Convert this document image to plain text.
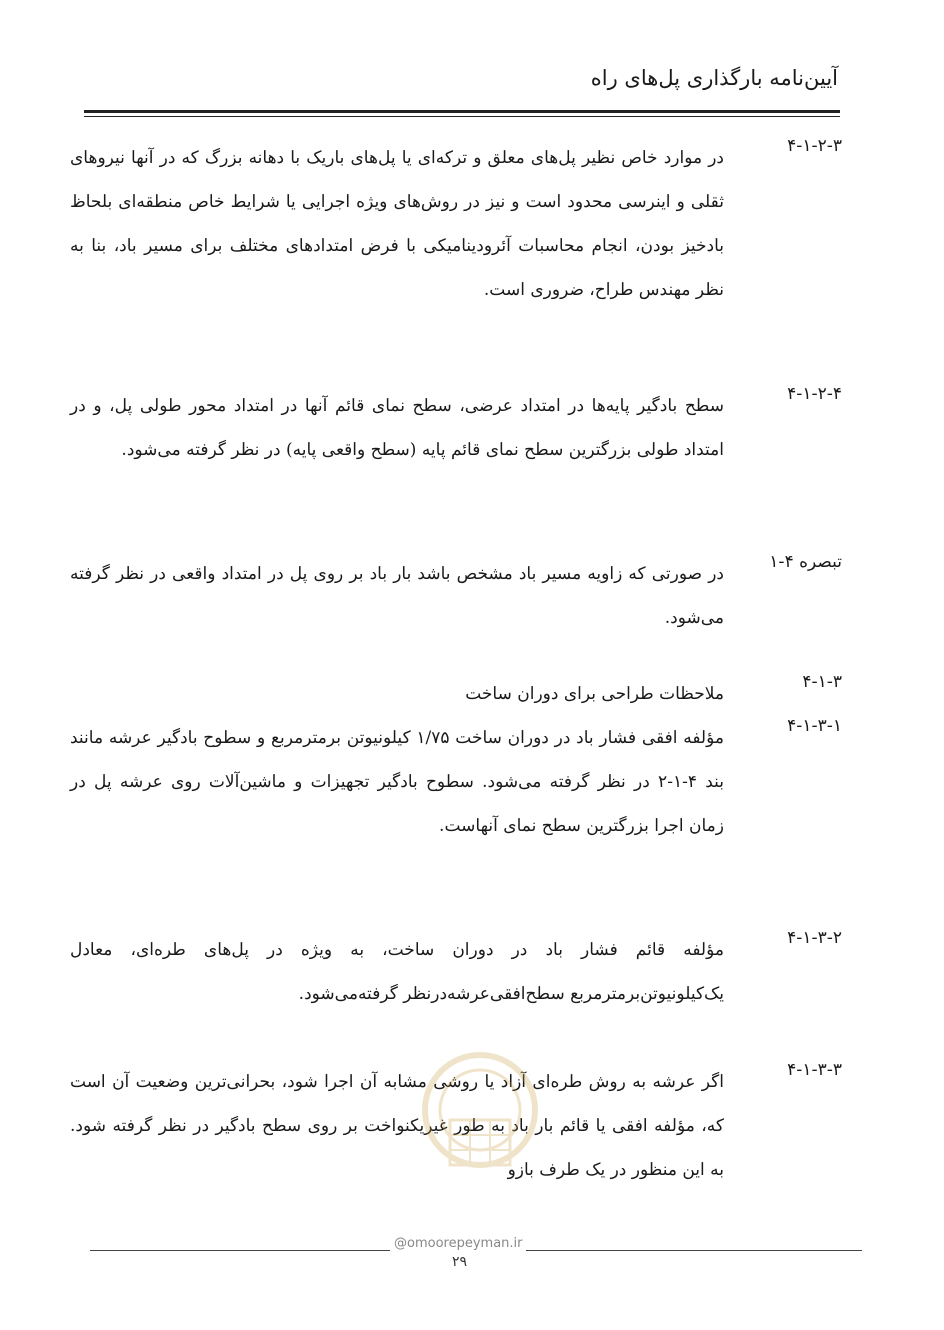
آیین‌نامه بارگذاری پل‌های راه
۴-۱-۲-۳
در موارد خاص نظیر پل‌های معلق و ترکه‌ای یا پل‌های باریک با دهانه بزرگ که در آنها نیروهای ثقلی و اینرسی محدود است و نیز در روش‌های ویژه اجرایی یا شرایط خاص منطقه‌ای بلحاظ بادخیز بودن، انجام محاسبات آئرودینامیکی با فرض امتدادهای مختلف برای مسیر باد، بنا به نظر مهندس طراح، ضروری است.
۴-۱-۲-۴
سطح بادگیر پایه‌ها در امتداد عرضی، سطح نمای قائم آنها در امتداد محور طولی پل، و در امتداد طولی بزرگترین سطح نمای قائم پایه (سطح واقعی پایه) در نظر گرفته می‌شود.
تبصره ۴-۱
در صورتی که زاویه مسیر باد مشخص باشد بار باد بر روی پل در امتداد واقعی در نظر گرفته می‌شود.
۴-۱-۳
ملاحظات طراحی برای دوران ساخت
۴-۱-۳-۱
مؤلفه افقی فشار باد در دوران ساخت ۱/۷۵ کیلونیوتن برمترمربع و سطوح بادگیر عرشه مانند بند ۴-۱-۲ در نظر گرفته می‌شود. سطوح بادگیر تجهیزات و ماشین‌آلات روی عرشه پل در زمان اجرا بزرگترین سطح نمای آنهاست.
۴-۱-۳-۲
مؤلفه قائم فشار باد در دوران ساخت، به ویژه در پل‌های طره‌ای، معادل یک‌کیلونیوتن‌برمترمربع سطح‌افقی‌عرشه‌درنظر گرفته‌می‌شود.
۴-۱-۳-۳
اگر عرشه به روش طره‌ای آزاد یا روشی مشابه آن اجرا شود، بحرانی‌ترین وضعیت آن است که، مؤلفه افقی یا قائم بار باد به طور غیریکنواخت بر روی سطح بادگیر در نظر گرفته شود. به این منظور در یک طرف بازو
@omoorepeyman.ir
۲۹
